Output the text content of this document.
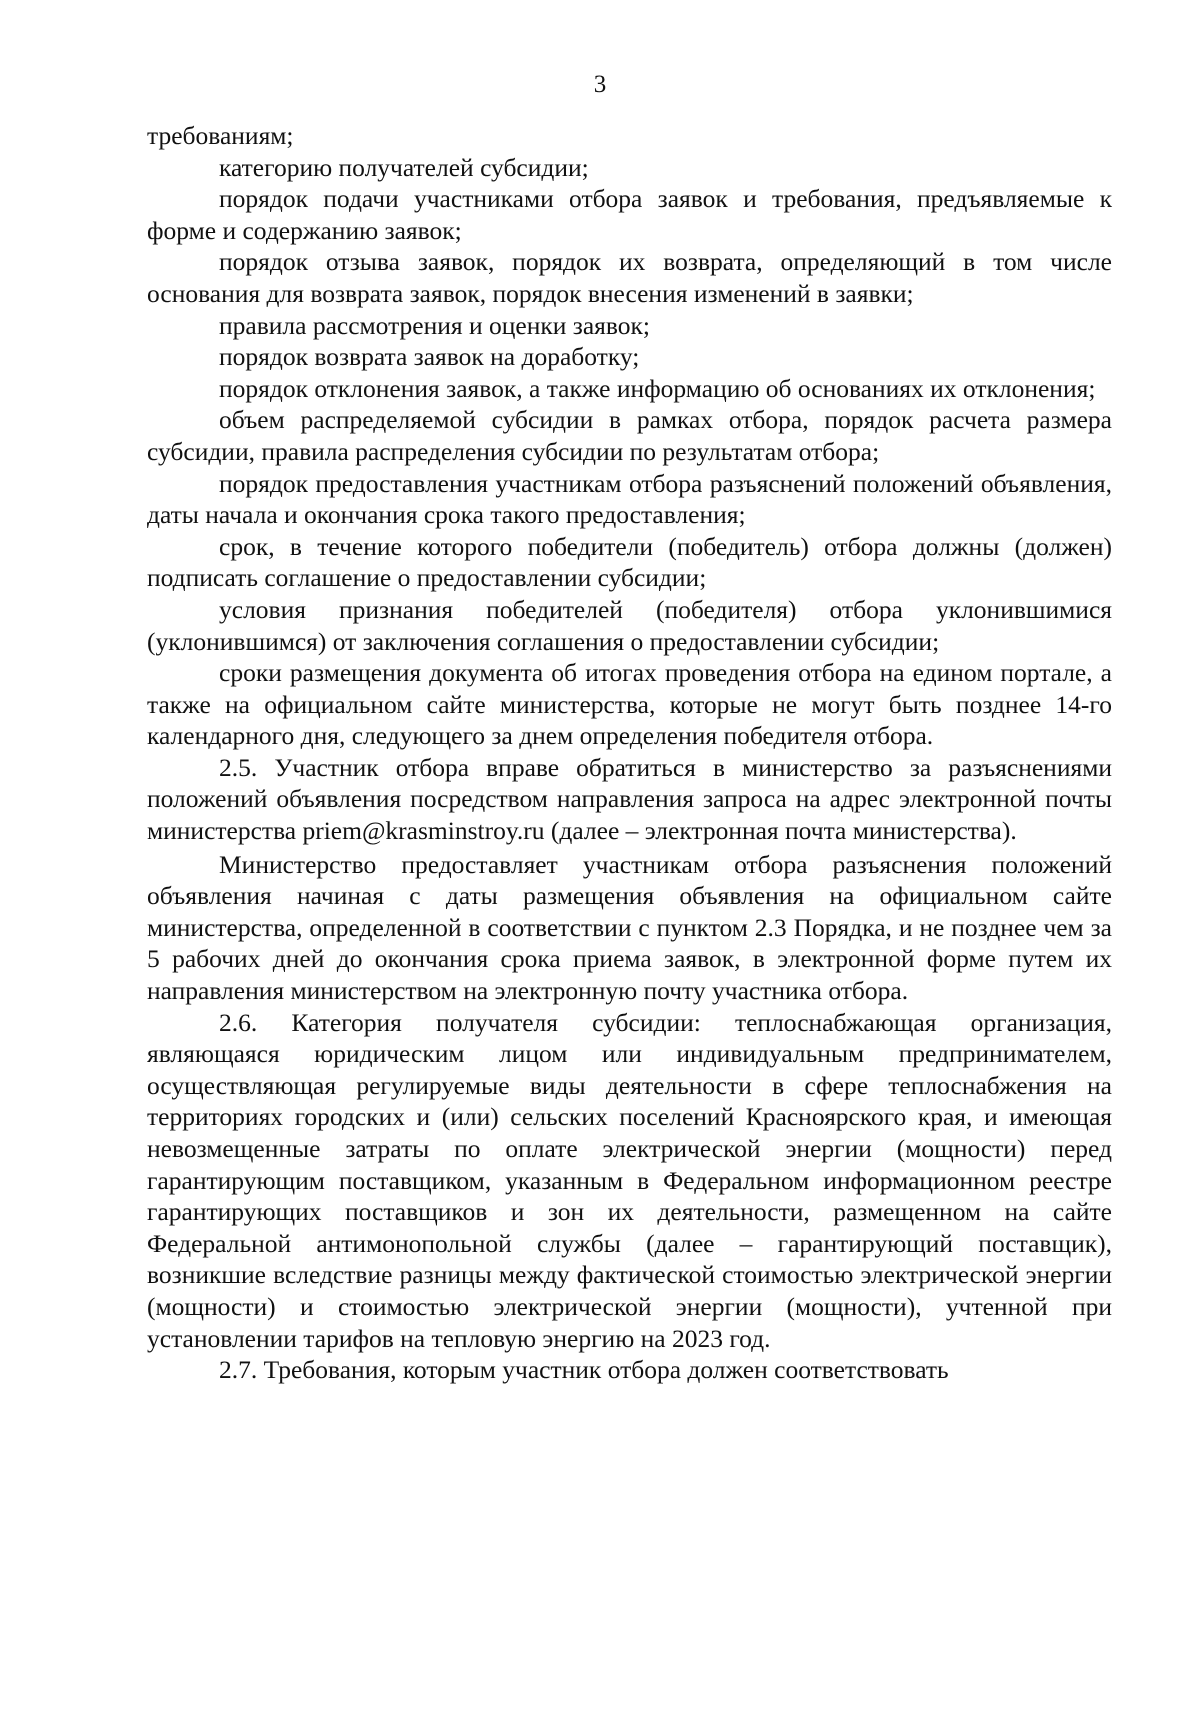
3

требованиям;

категорию получателей субсидии;

порядок подачи участниками отбора заявок и требования, предъявляемые к форме и содержанию заявок;

порядок отзыва заявок, порядок их возврата, определяющий в том числе основания для возврата заявок, порядок внесения изменений в заявки;

правила рассмотрения и оценки заявок;

порядок возврата заявок на доработку;

порядок отклонения заявок, а также информацию об основаниях их отклонения;

объем распределяемой субсидии в рамках отбора, порядок расчета размера субсидии, правила распределения субсидии по результатам отбора;

порядок предоставления участникам отбора разъяснений положений объявления, даты начала и окончания срока такого предоставления;

срок, в течение которого победители (победитель) отбора должны (должен) подписать соглашение о предоставлении субсидии;

условия признания победителей (победителя) отбора уклонившимися (уклонившимся) от заключения соглашения о предоставлении субсидии;

сроки размещения документа об итогах проведения отбора на едином портале, а также на официальном сайте министерства, которые не могут быть позднее 14-го календарного дня, следующего за днем определения победителя отбора.

2.5. Участник отбора вправе обратиться в министерство за разъяснениями положений объявления посредством направления запроса на адрес электронной почты министерства priem@krasminstroy.ru (далее – электронная почта министерства).

Министерство предоставляет участникам отбора разъяснения положений объявления начиная с даты размещения объявления на официальном сайте министерства, определенной в соответствии с пунктом 2.3 Порядка, и не позднее чем за 5 рабочих дней до окончания срока приема заявок, в электронной форме путем их направления министерством на электронную почту участника отбора.

2.6. Категория получателя субсидии: теплоснабжающая организация, являющаяся юридическим лицом или индивидуальным предпринимателем, осуществляющая регулируемые виды деятельности в сфере теплоснабжения на территориях городских и (или) сельских поселений Красноярского края, и имеющая невозмещенные затраты по оплате электрической энергии (мощности) перед гарантирующим поставщиком, указанным в Федеральном информационном реестре гарантирующих поставщиков и зон их деятельности, размещенном на сайте Федеральной антимонопольной службы (далее – гарантирующий поставщик), возникшие вследствие разницы между фактической стоимостью электрической энергии (мощности) и стоимостью электрической энергии (мощности), учтенной при установлении тарифов на тепловую энергию на 2023 год.

2.7. Требования, которым участник отбора должен соответствовать
